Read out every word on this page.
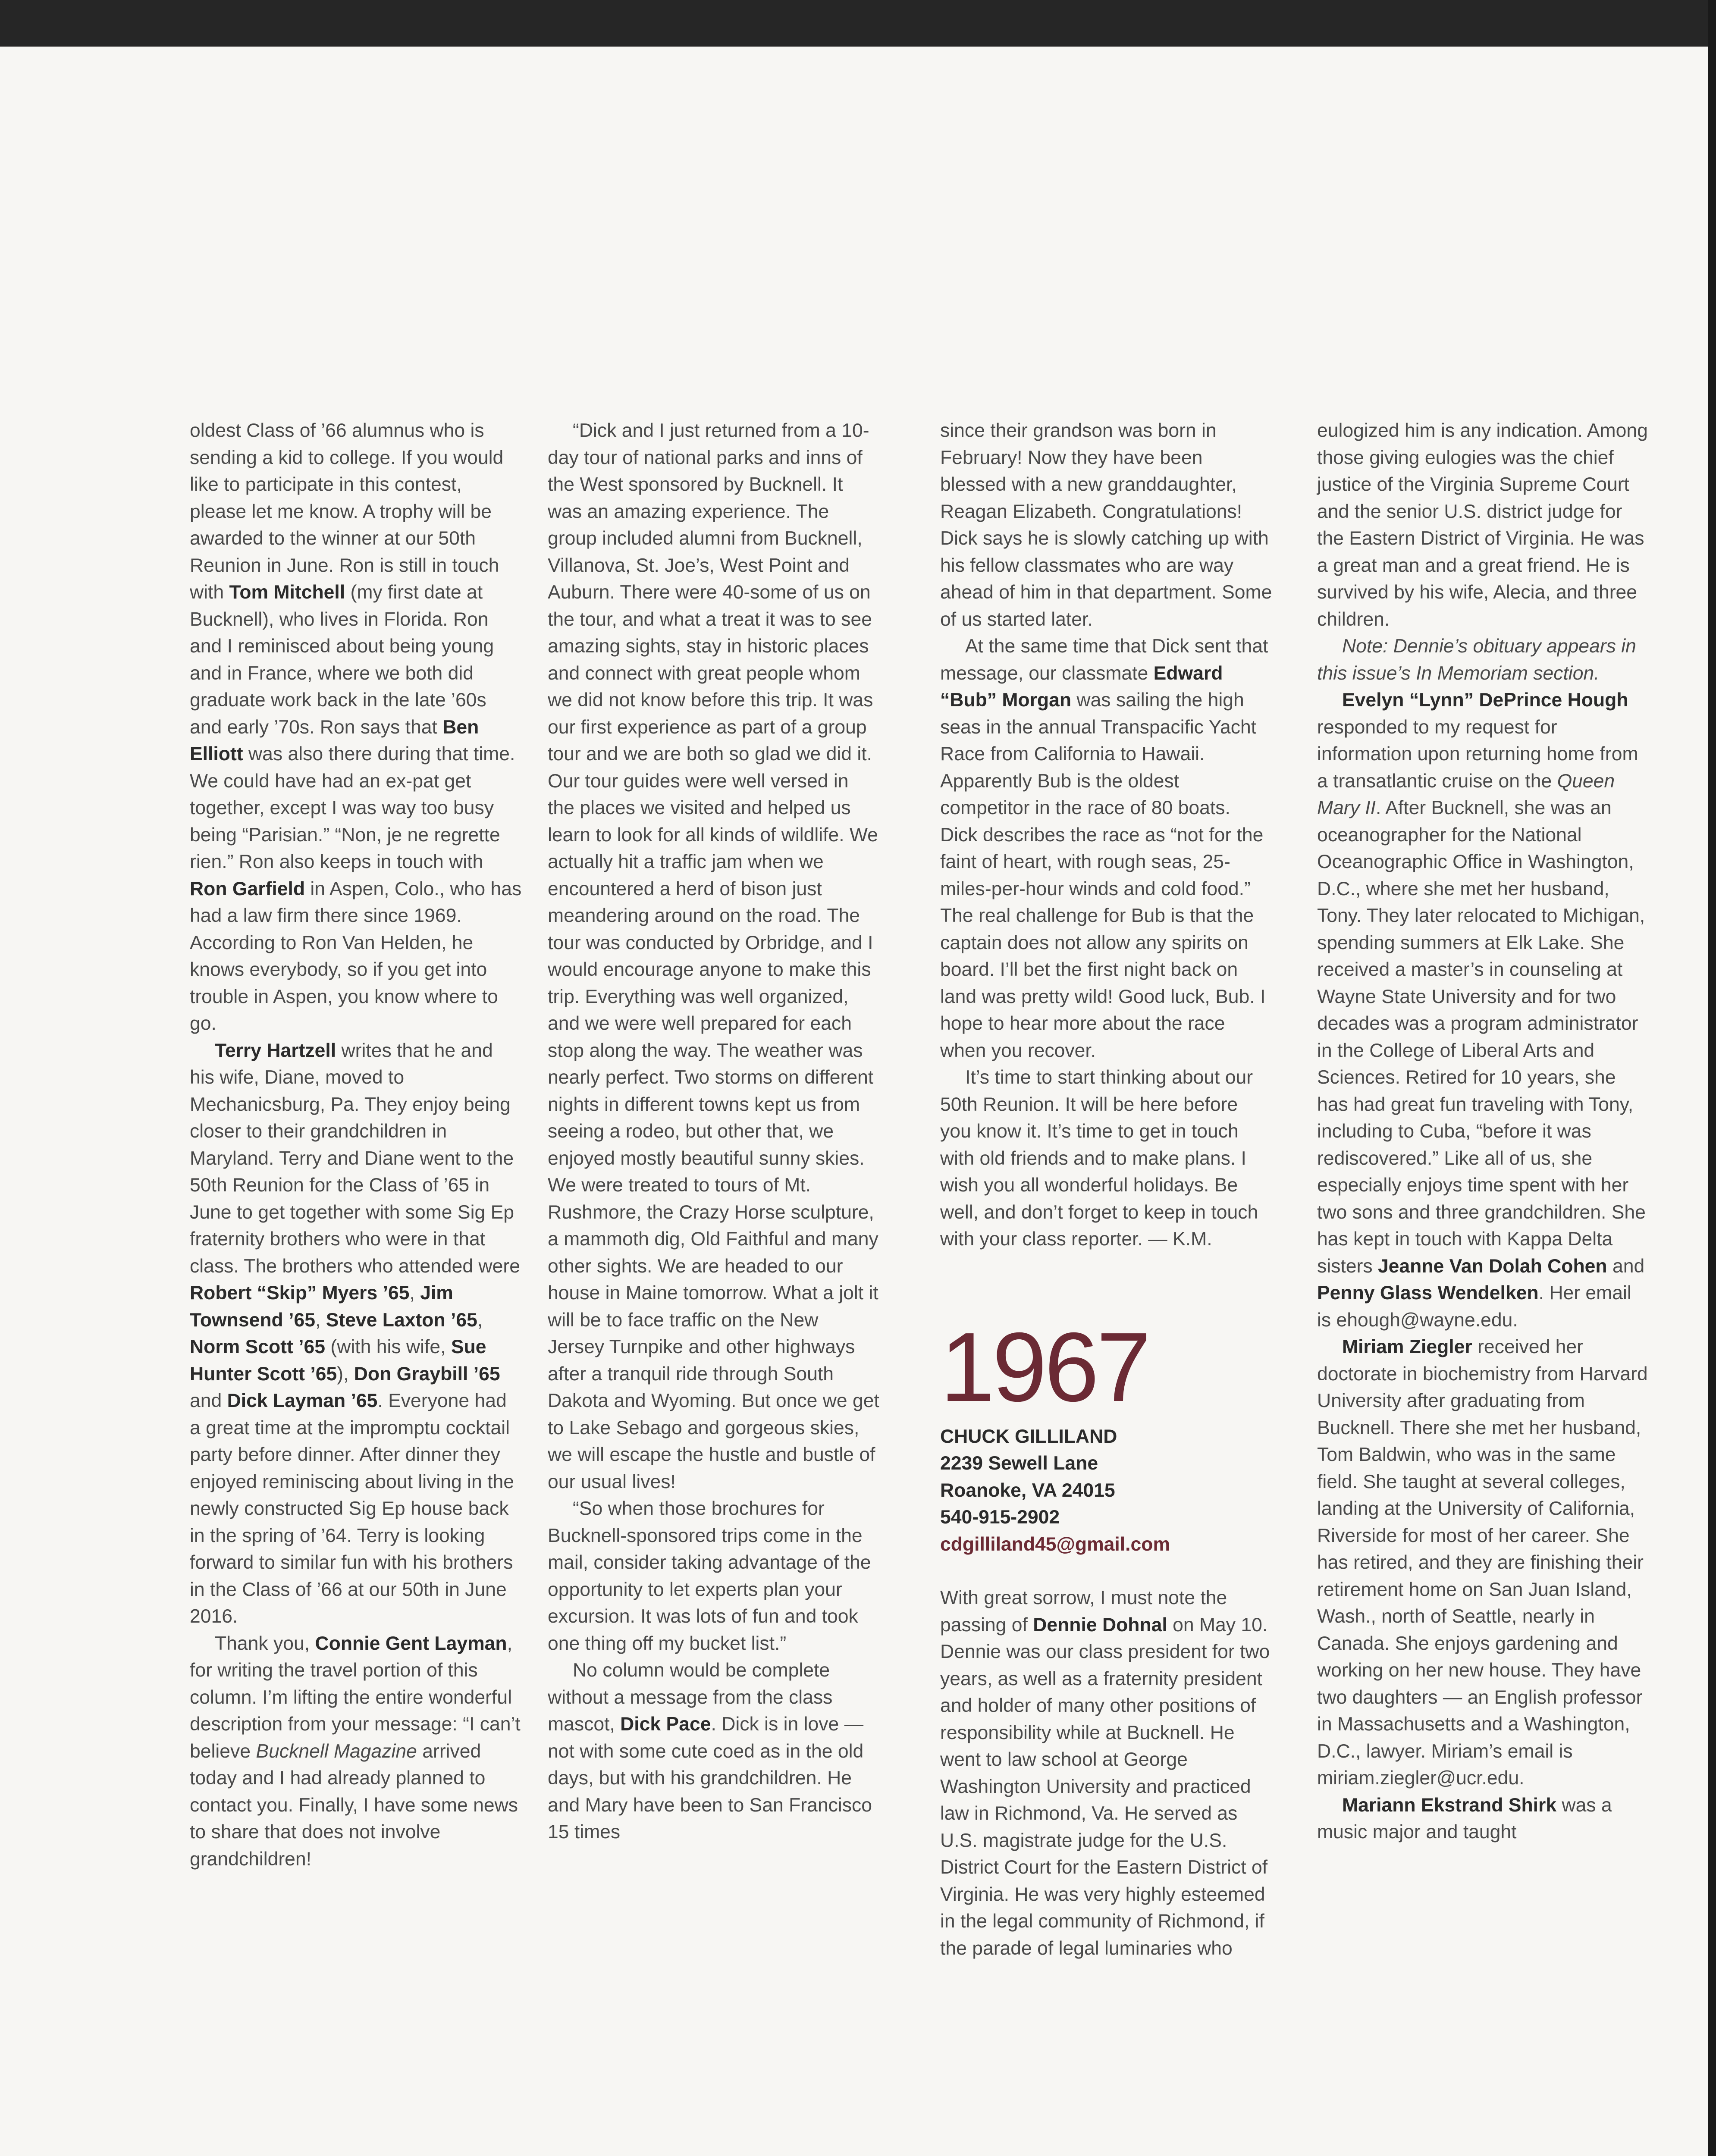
oldest Class of ’66 alumnus who is sending a kid to college. If you would like to participate in this contest, please let me know. A trophy will be awarded to the winner at our 50th Reunion in June. Ron is still in touch with Tom Mitchell (my first date at Bucknell), who lives in Florida. Ron and I reminisced about being young and in France, where we both did graduate work back in the late ’60s and early ’70s. Ron says that Ben Elliott was also there during that time. We could have had an ex-pat get together, except I was way too busy being “Parisian.” “Non, je ne regrette rien.” Ron also keeps in touch with Ron Garfield in Aspen, Colo., who has had a law firm there since 1969. According to Ron Van Helden, he knows everybody, so if you get into trouble in Aspen, you know where to go.

Terry Hartzell writes that he and his wife, Diane, moved to Mechanicsburg, Pa. They enjoy being closer to their grandchildren in Maryland. Terry and Diane went to the 50th Reunion for the Class of ’65 in June to get together with some Sig Ep fraternity brothers who were in that class. The brothers who attended were Robert “Skip” Myers ’65, Jim Townsend ’65, Steve Laxton ’65, Norm Scott ’65 (with his wife, Sue Hunter Scott ’65), Don Graybill ’65 and Dick Layman ’65. Everyone had a great time at the impromptu cocktail party before dinner. After dinner they enjoyed reminiscing about living in the newly constructed Sig Ep house back in the spring of ’64. Terry is looking forward to similar fun with his brothers in the Class of ’66 at our 50th in June 2016.

Thank you, Connie Gent Layman, for writing the travel portion of this column. I’m lifting the entire wonderful description from your message: “I can’t believe Bucknell Magazine arrived today and I had already planned to contact you. Finally, I have some news to share that does not involve grandchildren!

“Dick and I just returned from a 10-day tour of national parks and inns of the West sponsored by Bucknell. It was an amazing experience. The group included alumni from Bucknell, Villanova, St. Joe’s, West Point and Auburn. There were 40-some of us on the tour, and what a treat it was to see amazing sights, stay in historic places and connect with great people whom we did not know before this trip. It was our first experience as part of a group tour and we are both so glad we did it. Our tour guides were well versed in the places we visited and helped us learn to look for all kinds of wildlife. We actually hit a traffic jam when we encountered a herd of bison just meandering around on the road. The tour was conducted by Orbridge, and I would encourage anyone to make this trip. Everything was well organized, and we were well prepared for each stop along the way. The weather was nearly perfect. Two storms on different nights in different towns kept us from seeing a rodeo, but other that, we enjoyed mostly beautiful sunny skies. We were treated to tours of Mt. Rushmore, the Crazy Horse sculpture, a mammoth dig, Old Faithful and many other sights. We are headed to our house in Maine tomorrow. What a jolt it will be to face traffic on the New Jersey Turnpike and other highways after a tranquil ride through South Dakota and Wyoming. But once we get to Lake Sebago and gorgeous skies, we will escape the hustle and bustle of our usual lives!

“So when those brochures for Bucknell-sponsored trips come in the mail, consider taking advantage of the opportunity to let experts plan your excursion. It was lots of fun and took one thing off my bucket list.”

No column would be complete without a message from the class mascot, Dick Pace. Dick is in love — not with some cute coed as in the old days, but with his grandchildren. He and Mary have been to San Francisco 15 times

since their grandson was born in February! Now they have been blessed with a new granddaughter, Reagan Elizabeth. Congratulations! Dick says he is slowly catching up with his fellow classmates who are way ahead of him in that department. Some of us started later.

At the same time that Dick sent that message, our classmate Edward “Bub” Morgan was sailing the high seas in the annual Transpacific Yacht Race from California to Hawaii. Apparently Bub is the oldest competitor in the race of 80 boats. Dick describes the race as “not for the faint of heart, with rough seas, 25-miles-per-hour winds and cold food.” The real challenge for Bub is that the captain does not allow any spirits on board. I’ll bet the first night back on land was pretty wild! Good luck, Bub. I hope to hear more about the race when you recover.

It’s time to start thinking about our 50th Reunion. It will be here before you know it. It’s time to get in touch with old friends and to make plans. I wish you all wonderful holidays. Be well, and don’t forget to keep in touch with your class reporter. — K.M.

1967
CHUCK GILLILAND
2239 Sewell Lane
Roanoke, VA 24015
540-915-2902
cdgilliland45@gmail.com

With great sorrow, I must note the passing of Dennie Dohnal on May 10. Dennie was our class president for two years, as well as a fraternity president and holder of many other positions of responsibility while at Bucknell. He went to law school at George Washington University and practiced law in Richmond, Va. He served as U.S. magistrate judge for the U.S. District Court for the Eastern District of Virginia. He was very highly esteemed in the legal community of Richmond, if the parade of legal luminaries who

eulogized him is any indication. Among those giving eulogies was the chief justice of the Virginia Supreme Court and the senior U.S. district judge for the Eastern District of Virginia. He was a great man and a great friend. He is survived by his wife, Alecia, and three children.

Note: Dennie’s obituary appears in this issue’s In Memoriam section.

Evelyn “Lynn” DePrince Hough responded to my request for information upon returning home from a transatlantic cruise on the Queen Mary II. After Bucknell, she was an oceanographer for the National Oceanographic Office in Washington, D.C., where she met her husband, Tony. They later relocated to Michigan, spending summers at Elk Lake. She received a master’s in counseling at Wayne State University and for two decades was a program administrator in the College of Liberal Arts and Sciences. Retired for 10 years, she has had great fun traveling with Tony, including to Cuba, “before it was rediscovered.” Like all of us, she especially enjoys time spent with her two sons and three grandchildren. She has kept in touch with Kappa Delta sisters Jeanne Van Dolah Cohen and Penny Glass Wendelken. Her email is ehough@wayne.edu.

Miriam Ziegler received her doctorate in biochemistry from Harvard University after graduating from Bucknell. There she met her husband, Tom Baldwin, who was in the same field. She taught at several colleges, landing at the University of California, Riverside for most of her career. She has retired, and they are finishing their retirement home on San Juan Island, Wash., north of Seattle, nearly in Canada. She enjoys gardening and working on her new house. They have two daughters — an English professor in Massachusetts and a Washington, D.C., lawyer. Miriam’s email is miriam.ziegler@ucr.edu.

Mariann Ekstrand Shirk was a music major and taught
